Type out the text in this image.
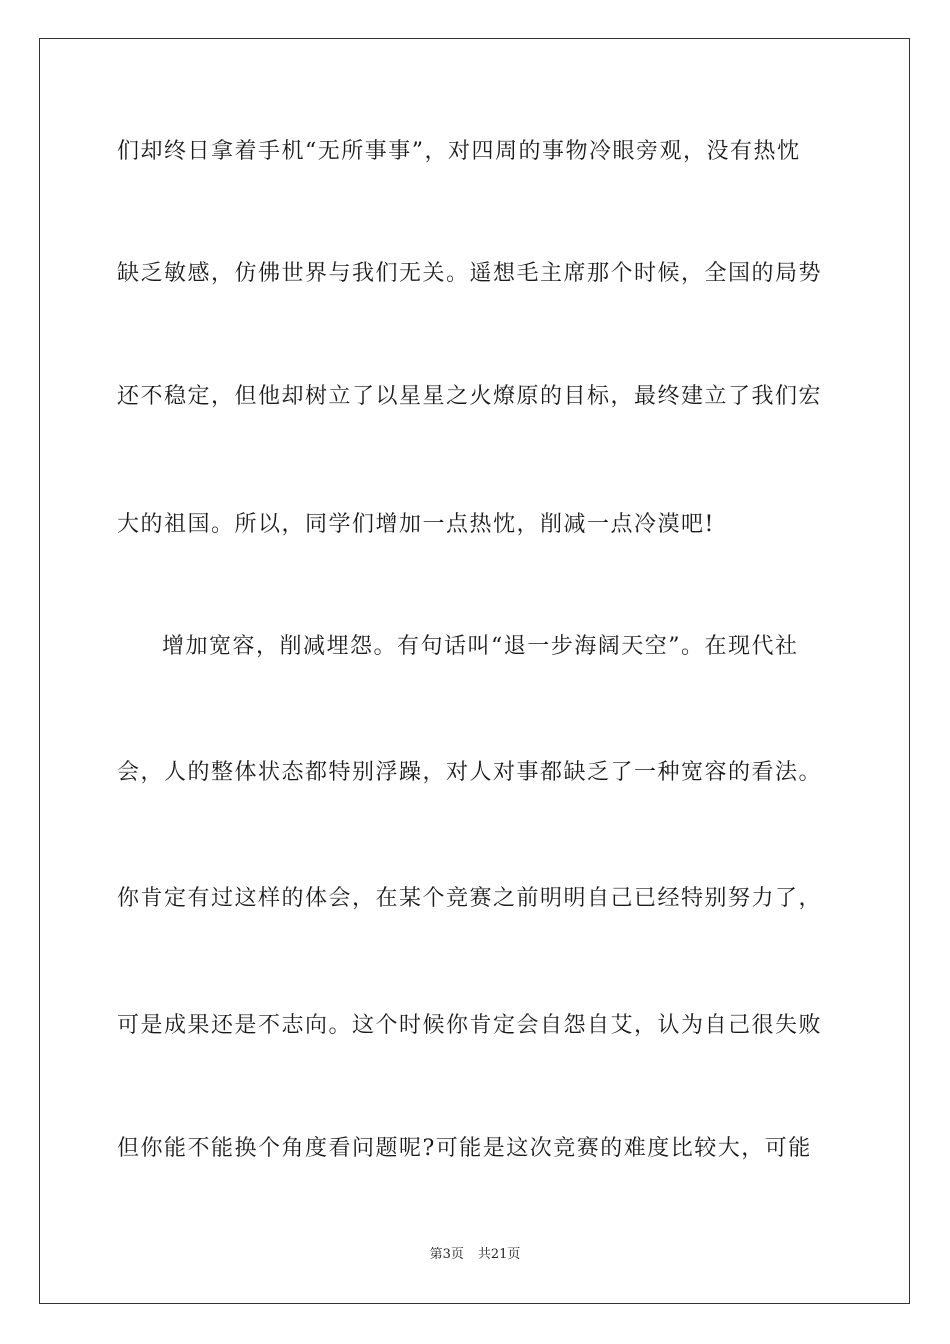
们却终日拿着手机“无所事事”，对四周的事物冷眼旁观，没有热忱
缺乏敏感，仿佛世界与我们无关。遥想毛主席那个时候，全国的局势
还不稳定，但他却树立了以星星之火燎原的目标，最终建立了我们宏
大的祖国。所以，同学们增加一点热忱，削减一点冷漠吧!
增加宽容，削减埋怨。有句话叫“退一步海阔天空”。在现代社
会，人的整体状态都特别浮躁，对人对事都缺乏了一种宽容的看法。
你肯定有过这样的体会，在某个竞赛之前明明自己已经特别努力了，
可是成果还是不志向。这个时候你肯定会自怨自艾，认为自己很失败
但你能不能换个角度看问题呢?可能是这次竞赛的难度比较大，可能
第3页 共21页
